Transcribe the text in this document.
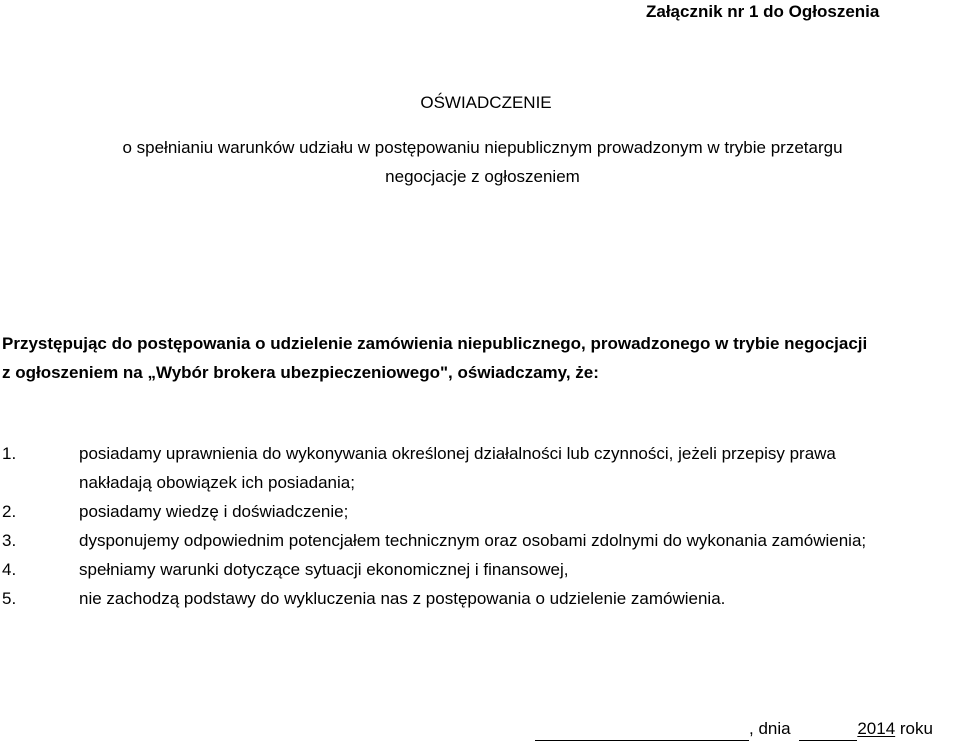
Załącznik nr 1 do Ogłoszenia
OŚWIADCZENIE
o spełnianiu warunków udziału w postępowaniu niepublicznym prowadzonym w trybie przetargu
negocjacje z ogłoszeniem
Przystępując do postępowania o udzielenie zamówienia niepublicznego, prowadzonego w trybie negocjacji
z ogłoszeniem na „Wybór brokera ubezpieczeniowego", oświadczamy, że:
1.	posiadamy uprawnienia do wykonywania określonej działalności lub czynności, jeżeli przepisy prawa
nakładają obowiązek ich posiadania;
2.	posiadamy wiedzę i doświadczenie;
3.	dysponujemy odpowiednim potencjałem technicznym oraz osobami zdolnymi do wykonania zamówienia;
4.	spełniamy warunki dotyczące sytuacji ekonomicznej i finansowej,
5.	nie zachodzą podstawy do wykluczenia nas z postępowania o udzielenie zamówienia.
, dnia	2014 roku
